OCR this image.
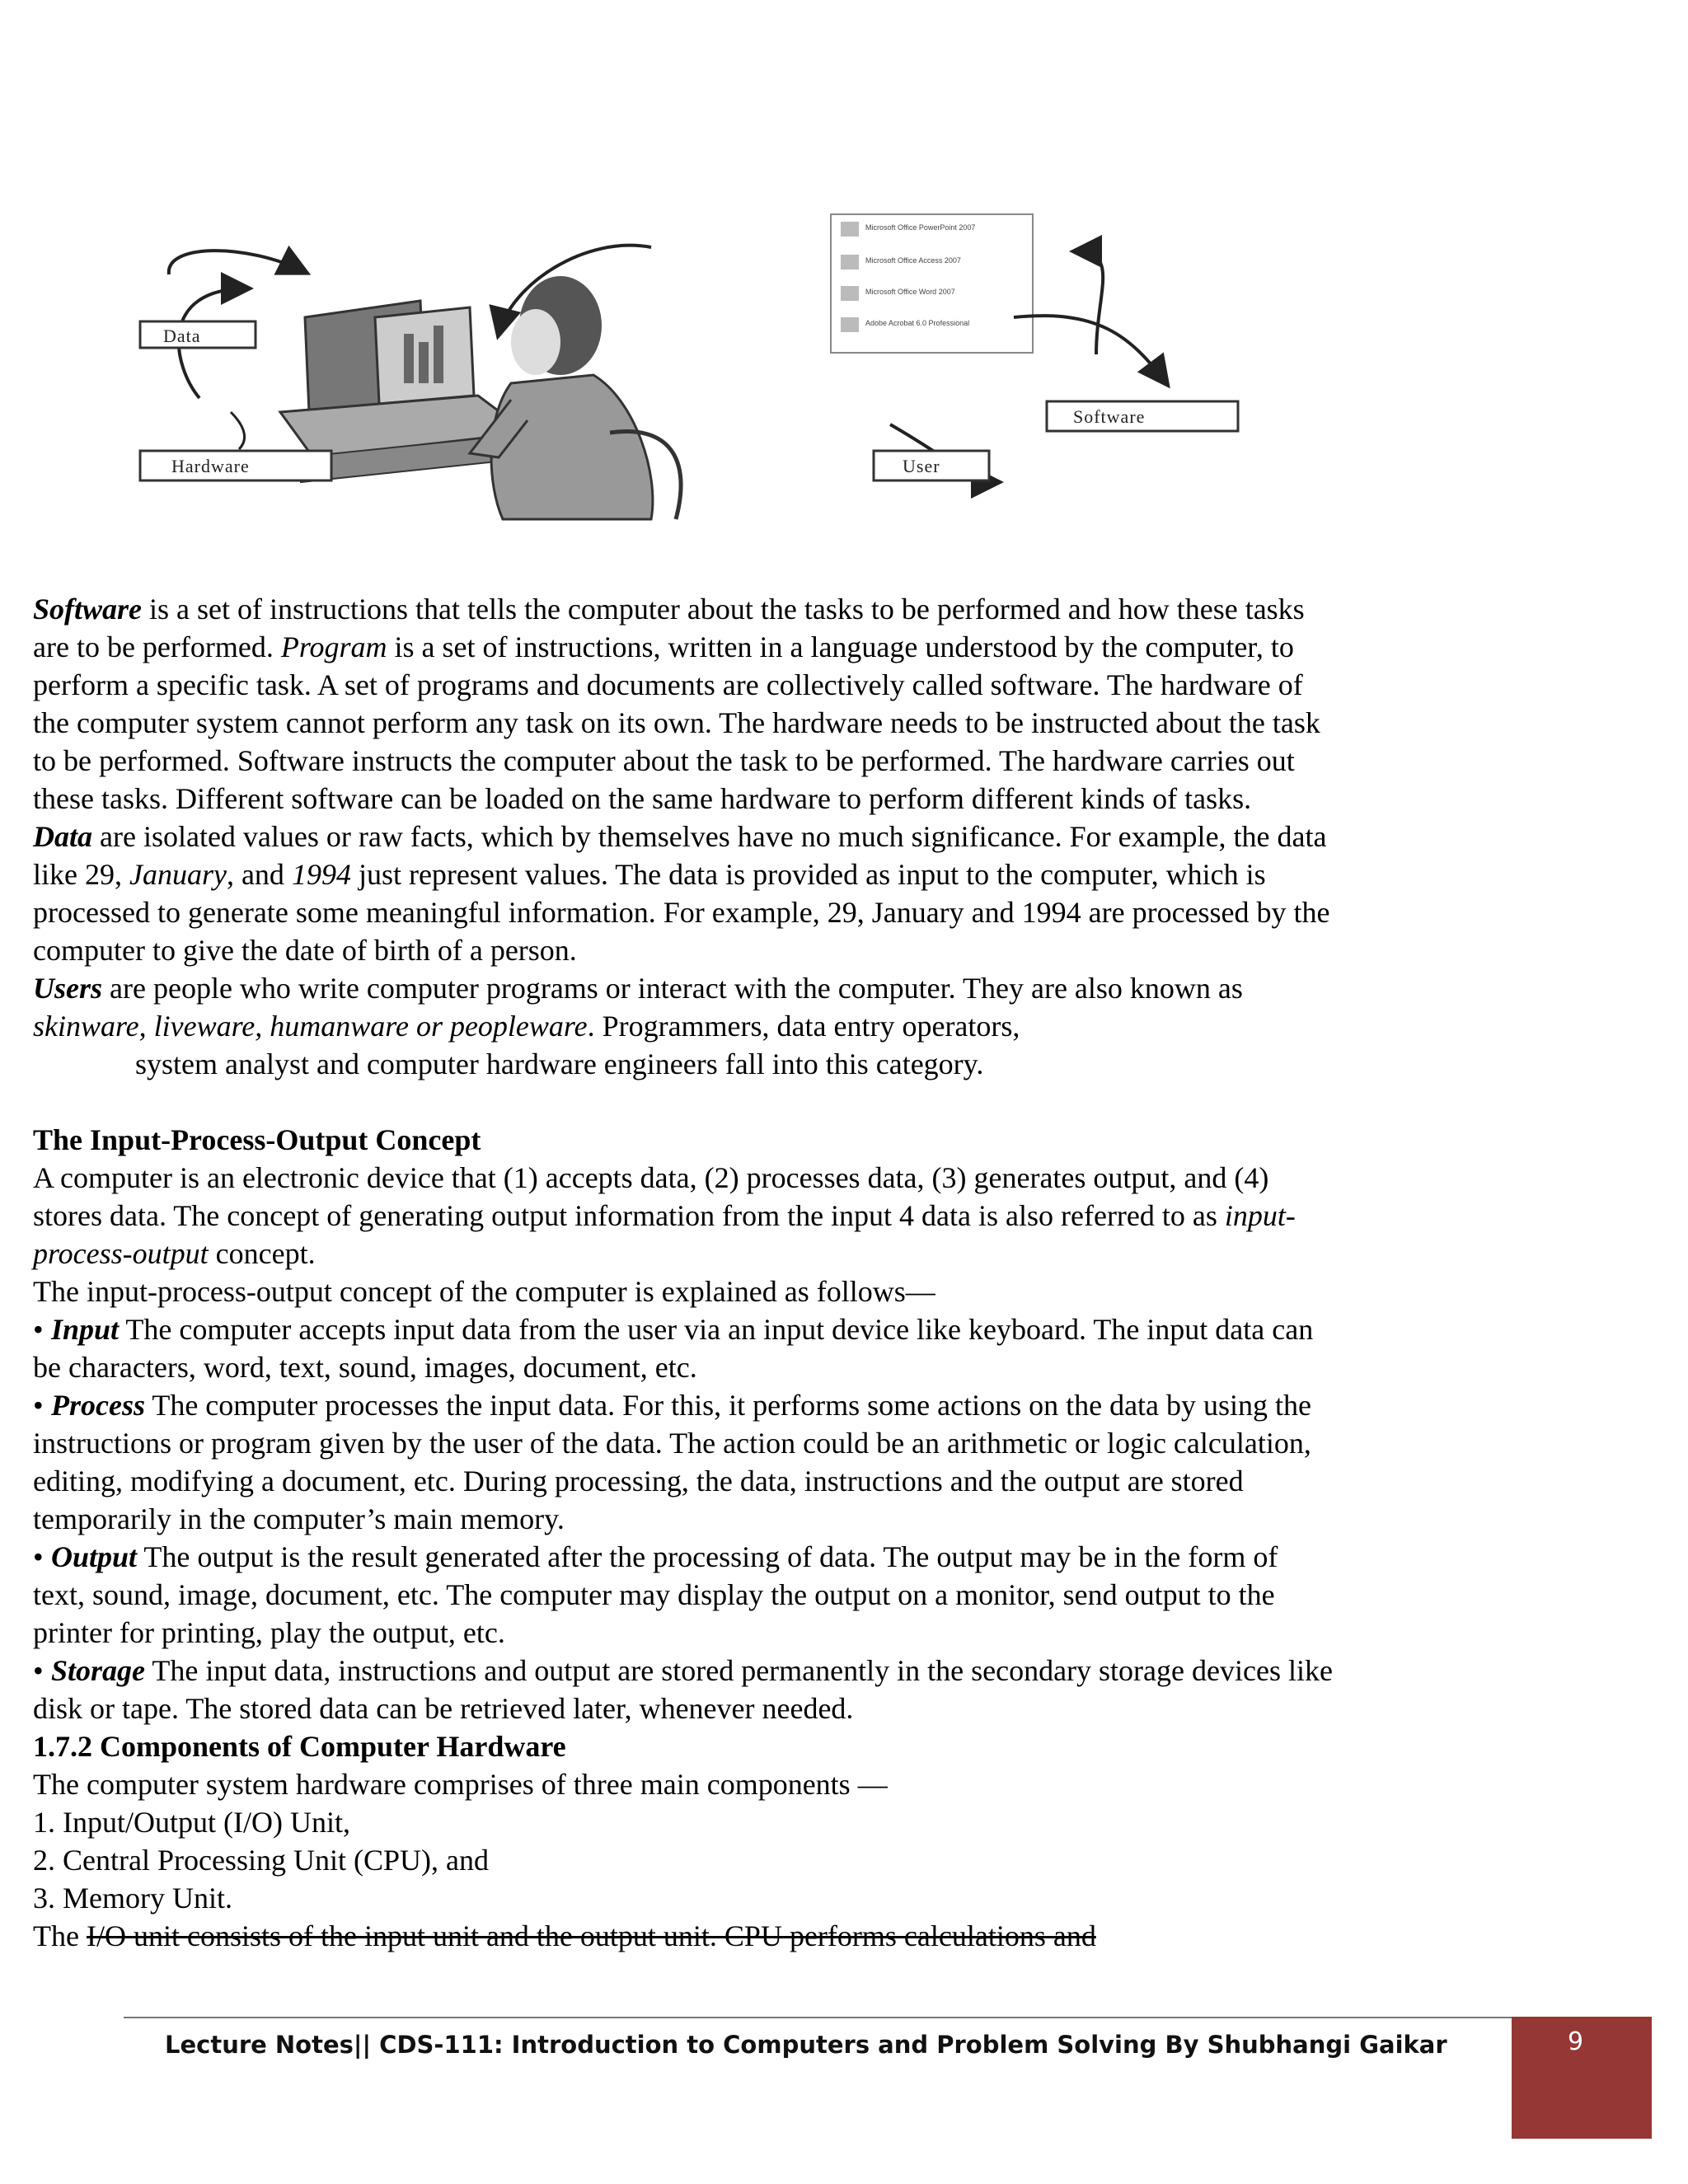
Microsoft Office PowerPoint 2007
Microsoft Office Access 2007
Microsoft Office Word 2007
Adobe Acrobat 6.0 Professional
Data
Hardware	User
Software

Software is a set of instructions that tells the computer about the tasks to be performed and how these tasks are to be performed. Program is a set of instructions, written in a language understood by the computer, to perform a specific task. A set of programs and documents are collectively called software. The hardware of the computer system cannot perform any task on its own. The hardware needs to be instructed about the task to be performed. Software instructs the computer about the task to be performed. The hardware carries out these tasks. Different software can be loaded on the same hardware to perform different kinds of tasks.

Data are isolated values or raw facts, which by themselves have no much significance. For example, the data like 29, January, and 1994 just represent values. The data is provided as input to the computer, which is processed to generate some meaningful information. For example, 29, January and 1994 are processed by the computer to give the date of birth of a person.

Users are people who write computer programs or interact with the computer. They are also known as skinware, liveware, humanware or peopleware. Programmers, data entry operators,

system analyst and computer hardware engineers fall into this category.

The Input-Process-Output Concept

A computer is an electronic device that (1) accepts data, (2) processes data, (3) generates output, and (4) stores data. The concept of generating output information from the input 4 data is also referred to as input-process-output concept.

The input-process-output concept of the computer is explained as follows—

• Input The computer accepts input data from the user via an input device like keyboard. The input data can be characters, word, text, sound, images, document, etc.

• Process The computer processes the input data. For this, it performs some actions on the data by using the instructions or program given by the user of the data. The action could be an arithmetic or logic calculation, editing, modifying a document, etc. During processing, the data, instructions and the output are stored temporarily in the computer’s main memory.

• Output The output is the result generated after the processing of data. The output may be in the form of text, sound, image, document, etc. The computer may display the output on a monitor, send output to the printer for printing, play the output, etc.

• Storage The input data, instructions and output are stored permanently in the secondary storage devices like disk or tape. The stored data can be retrieved later, whenever needed.

1.7.2 Components of Computer Hardware

The computer system hardware comprises of three main components —

1. Input/Output (I/O) Unit,

2. Central Processing Unit (CPU), and

3. Memory Unit.

The I/O unit consists of the input unit and the output unit. CPU performs calculations and

Lecture Notes|| CDS-111: Introduction to Computers and Problem Solving By Shubhangi Gaikar	9
